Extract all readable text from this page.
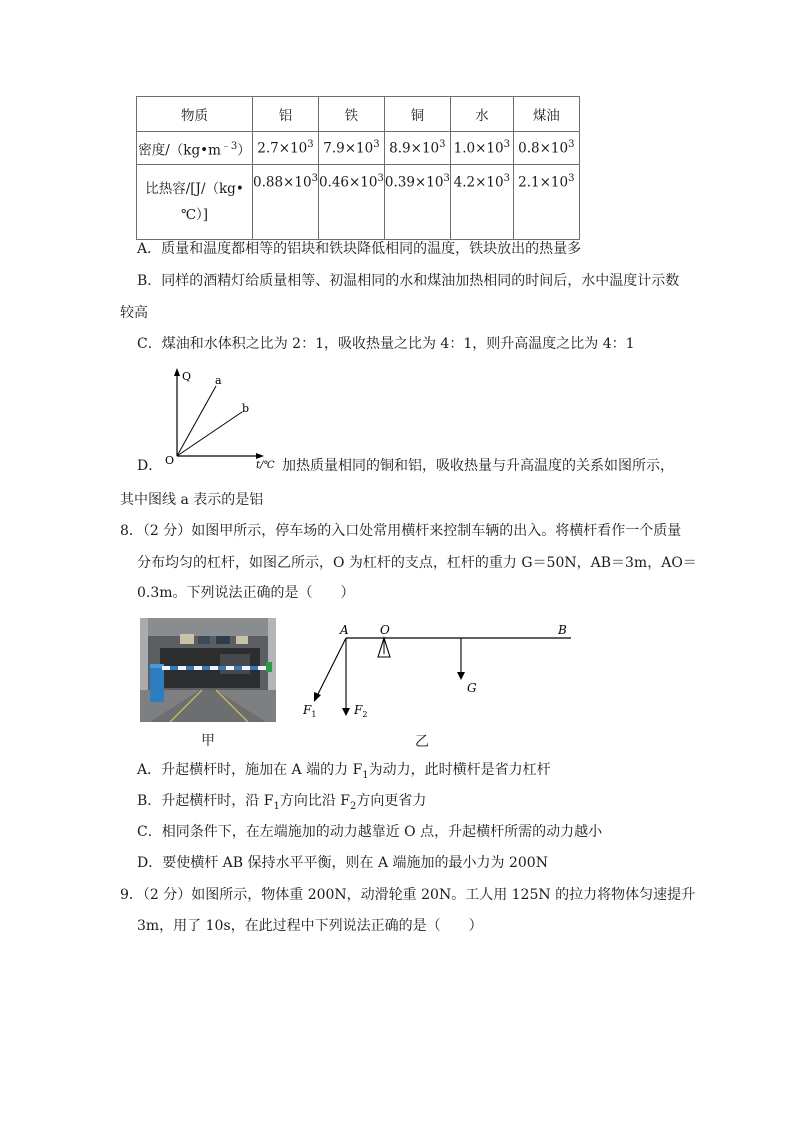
物质	铝	铁	铜	水	煤油
密度$/(kg•m^{﹣3})$	$2.7\times 10^3$	$7.9\times 10^3$	$8.9\times 10^3$	$1.0\times 10^3$	$0.8\times 10^3$

比热容/[J/（kg•
℃）]	$0.88\times 10^3$	$0.46\times 10^3$	$0.39\times 10^3$	$4.2\times 10^3$	$2.1\times 10^3$
A．质量和温度都相等的铝块和铁块降低相同的温度，铁块放出的热量多
B．同样的酒精灯给质量相等、初温相同的水和煤油加热相同的时间后，水中温度计示数
较高
C．煤油和水体积之比为 2：1，吸收热量之比为 4：1，则升高温度之比为 4：1
Q a
b
O	t/℃
D．	加热质量相同的铜和铝，吸收热量与升高温度的关系如图所示，
其中图线 a 表示的是铝
8．（2 分）如图甲所示，停车场的入口处常用横杆来控制车辆的出入。将横杆看作一个质量
分布均匀的杠杆，如图乙所示，O 为杠杆的支点，杠杆的重力 G＝50N，AB＝3m，AO＝
0.3m。下列说法正确的是（　　）
甲
A	O	B
G
$F_1$	$F_2$
乙
A．升起横杆时，施加在 A 端的力 $F_1$为动力，此时横杆是省力杠杆
B．升起横杆时，沿 $F_1$方向比沿 $F_2$方向更省力
C．相同条件下，在左端施加的动力越靠近 O 点，升起横杆所需的动力越小
D．要使横杆 AB 保持水平平衡，则在 A 端施加的最小力为 200N
9．（2 分）如图所示，物体重 200N，动滑轮重 20N。工人用 125N 的拉力将物体匀速提升
3m，用了 10s，在此过程中下列说法正确的是（　　）
